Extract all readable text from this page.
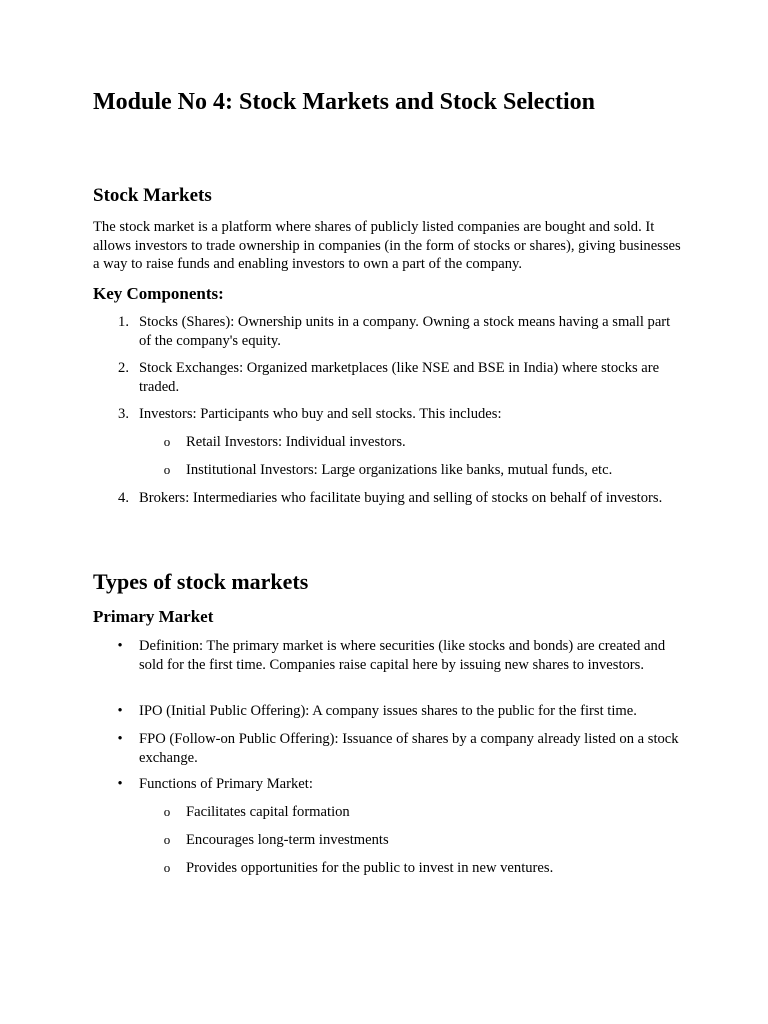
Module No 4: Stock Markets and Stock Selection
Stock Markets

The stock market is a platform where shares of publicly listed companies are bought and sold. It allows investors to trade ownership in companies (in the form of stocks or shares), giving businesses a way to raise funds and enabling investors to own a part of the company.

Key Components:
1. Stocks (Shares): Ownership units in a company. Owning a stock means having a small part of the company's equity.
2. Stock Exchanges: Organized marketplaces (like NSE and BSE in India) where stocks are traded.
3. Investors: Participants who buy and sell stocks. This includes:
o Retail Investors: Individual investors.
o Institutional Investors: Large organizations like banks, mutual funds, etc.
4. Brokers: Intermediaries who facilitate buying and selling of stocks on behalf of investors.
Types of stock markets
Primary Market
• Definition: The primary market is where securities (like stocks and bonds) are created and sold for the first time. Companies raise capital here by issuing new shares to investors.
• IPO (Initial Public Offering): A company issues shares to the public for the first time.
• FPO (Follow-on Public Offering): Issuance of shares by a company already listed on a stock exchange.
• Functions of Primary Market:
o Facilitates capital formation
o Encourages long-term investments
o Provides opportunities for the public to invest in new ventures.
